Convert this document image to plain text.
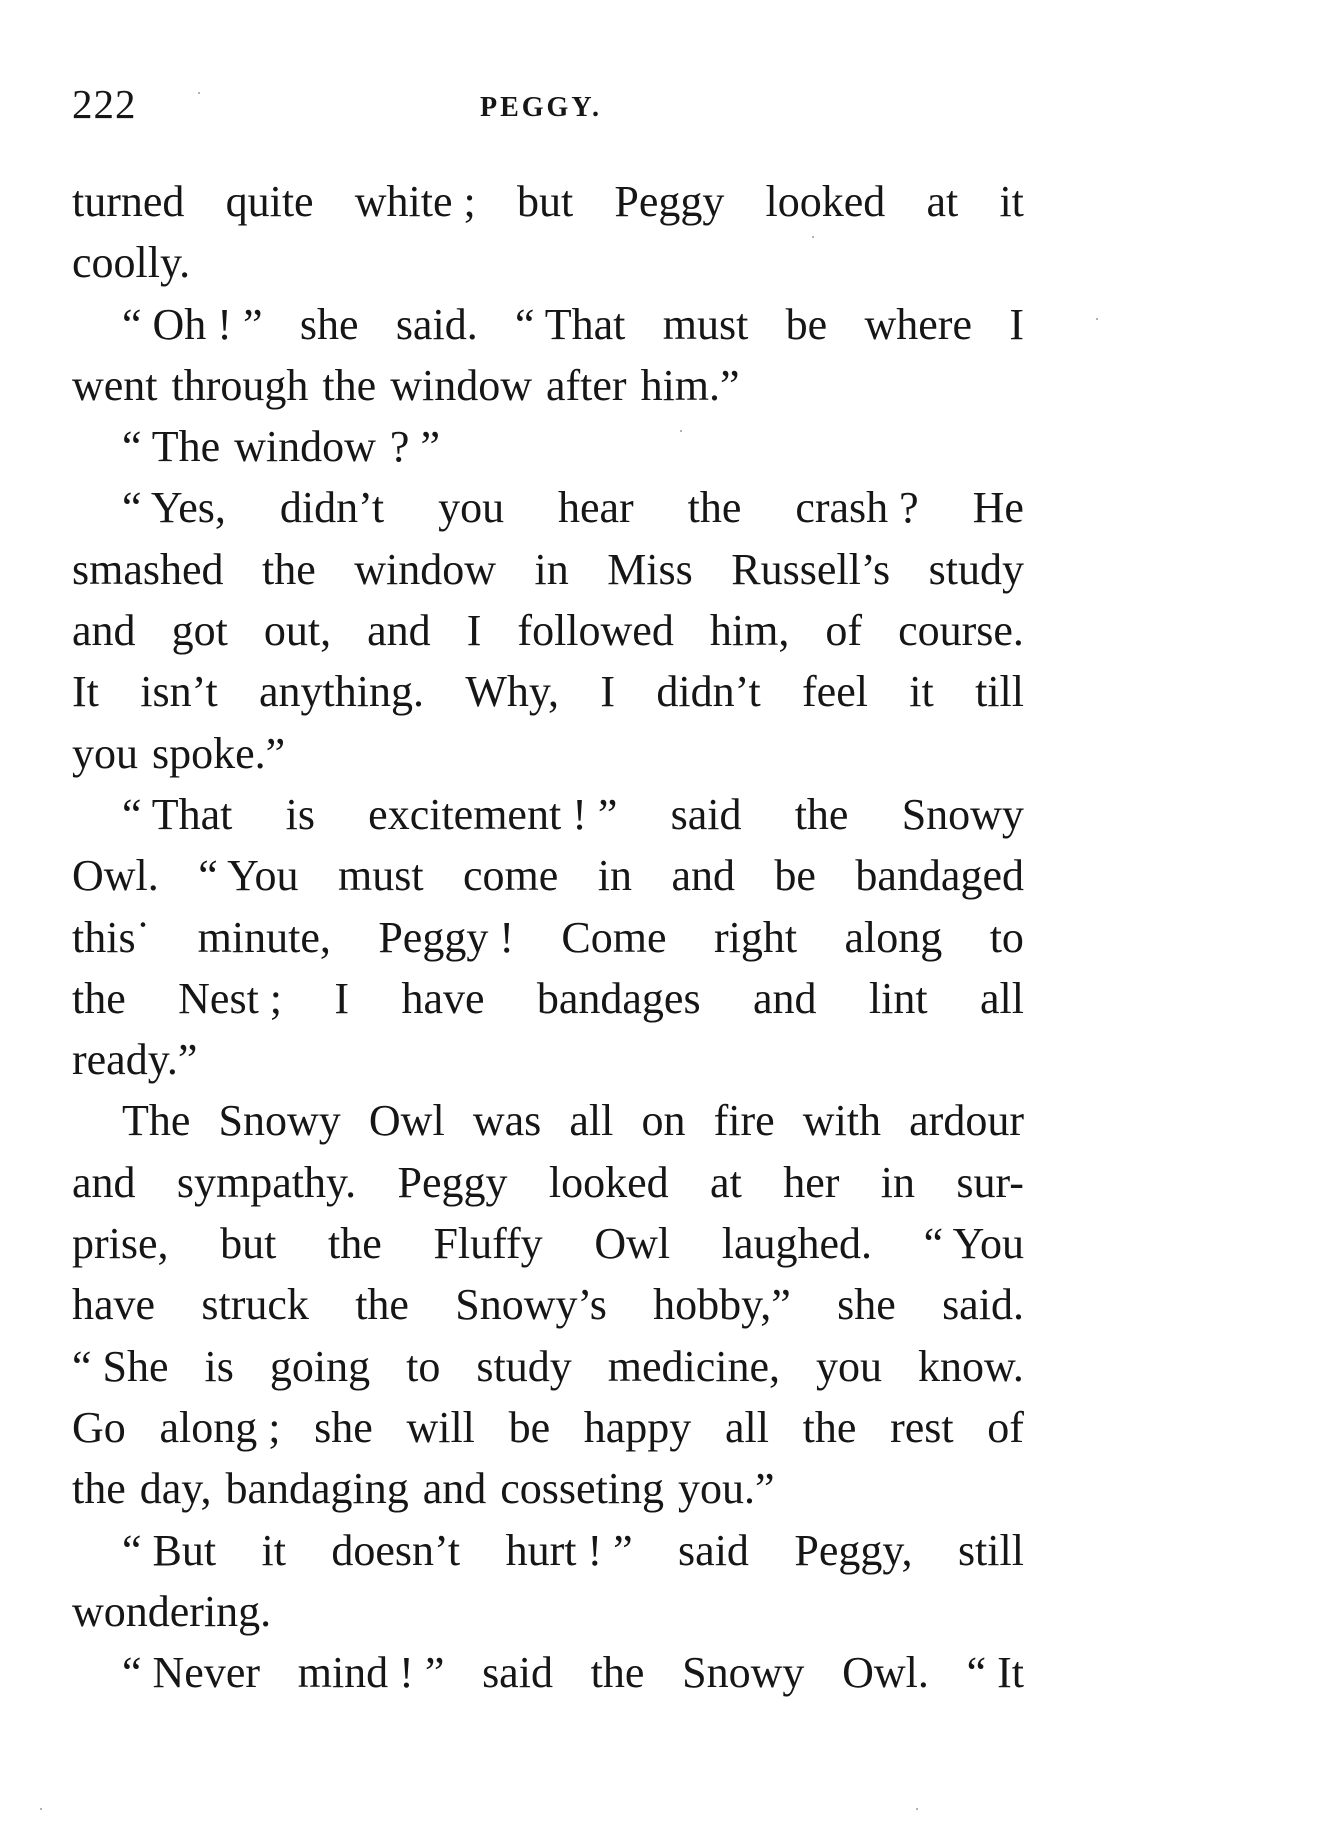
222	PEGGY.
turned quite white ; but Peggy looked at it
coolly.
“ Oh ! ” she said. “ That must be where I
went through the window after him.”
“ The window ? ”
“ Yes, didn’t you hear the crash ? He
smashed the window in Miss Russell’s study
and got out, and I followed him, of course.
It isn’t anything. Why, I didn’t feel it till
you spoke.”
“ That is excitement ! ” said the Snowy
Owl. “ You must come in and be bandaged
this˙ minute, Peggy ! Come right along to
the Nest ; I have bandages and lint all
ready.”
The Snowy Owl was all on fire with ardour
and sympathy. Peggy looked at her in sur-
prise, but the Fluffy Owl laughed. “ You
have struck the Snowy’s hobby,” she said.
“ She is going to study medicine, you know.
Go along ; she will be happy all the rest of
the day, bandaging and cosseting you.”
“ But it doesn’t hurt ! ” said Peggy, still
wondering.
“ Never mind ! ” said the Snowy Owl. “ It
